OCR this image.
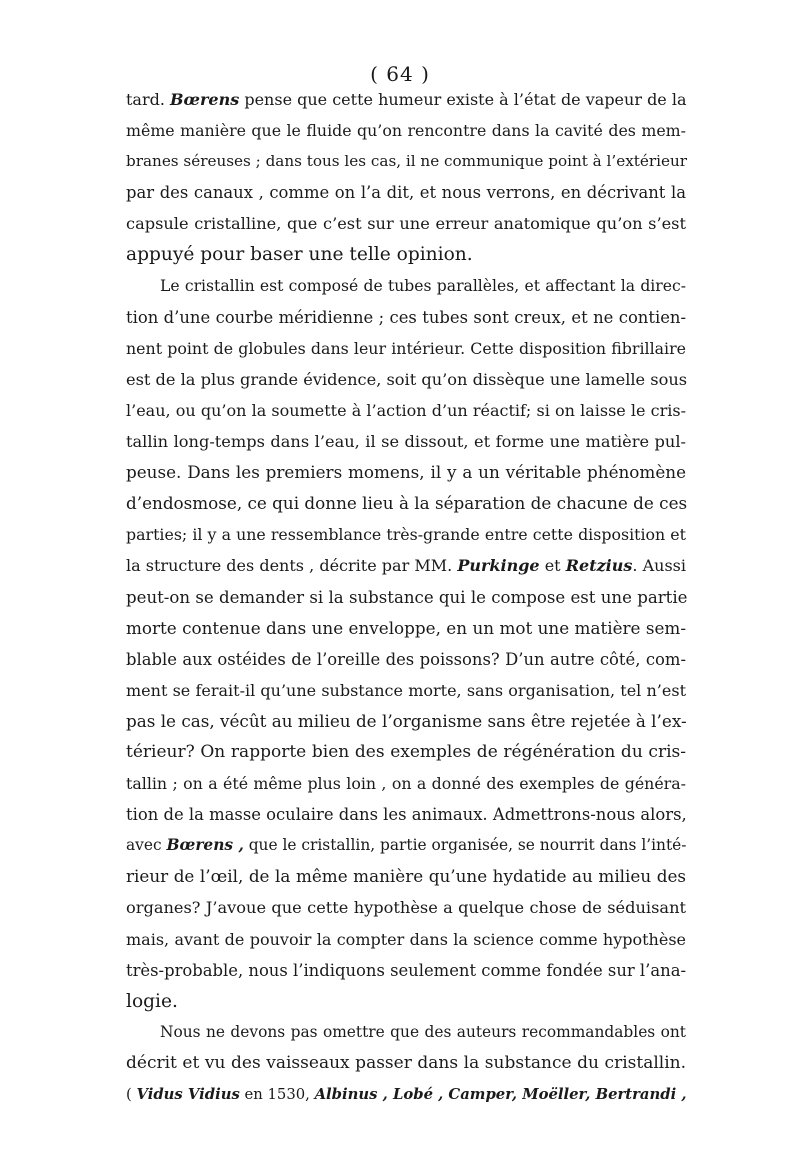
( 64 )
tard. Bœrens pense que cette humeur existe à l’état de vapeur de la
même manière que le fluide qu’on rencontre dans la cavité des mem-
branes séreuses ; dans tous les cas, il ne communique point à l’extérieur
par des canaux , comme on l’a dit, et nous verrons, en décrivant la
capsule cristalline, que c’est sur une erreur anatomique qu’on s’est
appuyé pour baser une telle opinion.
Le cristallin est composé de tubes parallèles, et affectant la direc-
tion d’une courbe méridienne ; ces tubes sont creux, et ne contien-
nent point de globules dans leur intérieur. Cette disposition fibrillaire
est de la plus grande évidence, soit qu’on dissèque une lamelle sous
l’eau, ou qu’on la soumette à l’action d’un réactif; si on laisse le cris-
tallin long-temps dans l’eau, il se dissout, et forme une matière pul-
peuse. Dans les premiers momens, il y a un véritable phénomène
d’endosmose, ce qui donne lieu à la séparation de chacune de ces
parties; il y a une ressemblance très-grande entre cette disposition et
la structure des dents , décrite par MM. Purkinge et Retzius. Aussi
peut-on se demander si la substance qui le compose est une partie
morte contenue dans une enveloppe, en un mot une matière sem-
blable aux ostéides de l’oreille des poissons? D’un autre côté, com-
ment se ferait-il qu’une substance morte, sans organisation, tel n’est
pas le cas, vécût au milieu de l’organisme sans être rejetée à l’ex-
térieur? On rapporte bien des exemples de régénération du cris-
tallin ; on a été même plus loin , on a donné des exemples de généra-
tion de la masse oculaire dans les animaux. Admettrons-nous alors,
avec Bœrens , que le cristallin, partie organisée, se nourrit dans l’inté-
rieur de l’œil, de la même manière qu’une hydatide au milieu des
organes? J’avoue que cette hypothèse a quelque chose de séduisant
mais, avant de pouvoir la compter dans la science comme hypothèse
très-probable, nous l’indiquons seulement comme fondée sur l’ana-
logie.
Nous ne devons pas omettre que des auteurs recommandables ont
décrit et vu des vaisseaux passer dans la substance du cristallin.
( Vidus Vidius en 1530, Albinus , Lobé , Camper, Moëller, Bertrandi ,
